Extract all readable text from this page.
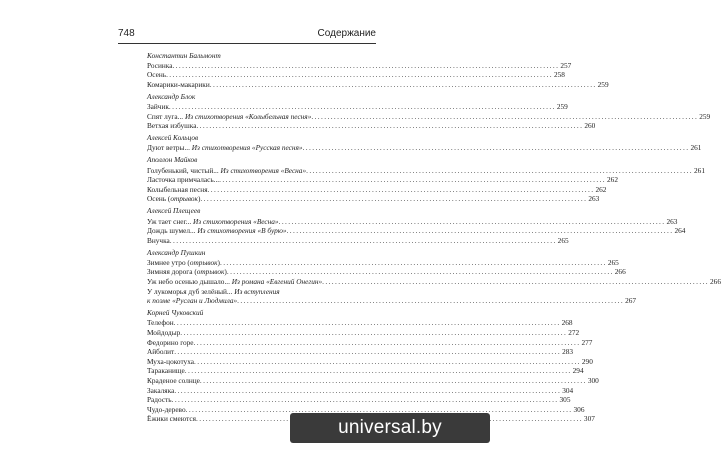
748	Содержание
Константин Бальмонт
Росинка .....	257
Осень .....	258
Комарики-макарики .....	259
Александр Блок
Зайчик .....	259
Спят луга... Из стихотворения «Колыбельная песня» .....	259
Ветхая избушка .....	260
Алексей Кольцов
Дуют ветры... Из стихотворения «Русская песня» .....	261
Аполлон Майков
Голубенький, чистый... Из стихотворения «Весна» .....	261
Ласточка примчалась... .....	262
Колыбельная песня .....	262
Осень (отрывок) .....	263
Алексей Плещеев
Уж тает снег... Из стихотворения «Весна» .....	263
Дождь шумел... Из стихотворения «В бурю» .....	264
Внучка .....	265
Александр Пушкин
Зимнее утро (отрывок) .....	265
Зимняя дорога (отрывок) .....	266
Уж небо осенью дышало... Из романа «Евгений Онегин» .....	266
У лукоморья дуб зелёный... Из вступления
к поэме «Руслан и Людмила» .....	267
Корней Чуковский
Телефон .....	268
Мойдодыр .....	272
Федорино горе .....	277
Айболит .....	283
Муха-цокотуха .....	290
Тараканище .....	294
Краденое солнце .....	300
Закаляка .....	304
Радость .....	305
Чудо-дерево .....	306
Ёжики смеются .....	307
universal.by
